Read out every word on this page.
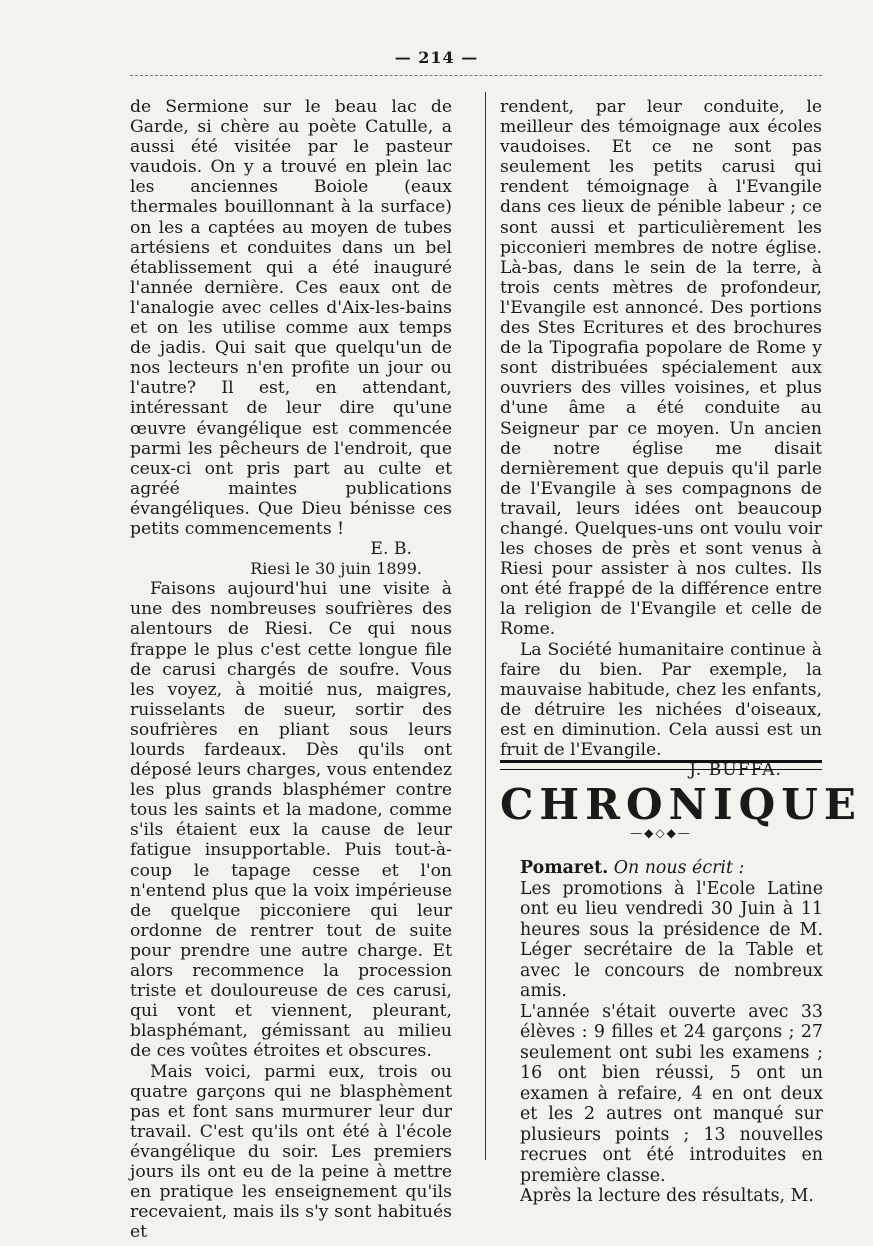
— 214 —

de Sermione sur le beau lac de Garde, si chère au poète Catulle, a aussi été visitée par le pasteur vaudois. On y a trouvé en plein lac les anciennes Boiole (eaux thermales bouillonnant à la surface) on les a captées au moyen de tubes artésiens et conduites dans un bel établissement qui a été inauguré l'année dernière. Ces eaux ont de l'analogie avec celles d'Aix-les-bains et on les utilise comme aux temps de jadis. Qui sait que quelqu'un de nos lecteurs n'en profite un jour ou l'autre? Il est, en attendant, intéressant de leur dire qu'une œuvre évangélique est commencée parmi les pêcheurs de l'endroit, que ceux-ci ont pris part au culte et agréé maintes publications évangéliques. Que Dieu bénisse ces petits commencements !

E. B.

Riesi le 30 juin 1899.

Faisons aujourd'hui une visite à une des nombreuses soufrières des alentours de Riesi. Ce qui nous frappe le plus c'est cette longue file de carusi chargés de soufre. Vous les voyez, à moitié nus, maigres, ruisselants de sueur, sortir des soufrières en pliant sous leurs lourds fardeaux. Dès qu'ils ont déposé leurs charges, vous entendez les plus grands blasphémer contre tous les saints et la madone, comme s'ils étaient eux la cause de leur fatigue insupportable. Puis tout-à-coup le tapage cesse et l'on n'entend plus que la voix impérieuse de quelque picconiere qui leur ordonne de rentrer tout de suite pour prendre une autre charge. Et alors recommence la procession triste et douloureuse de ces carusi, qui vont et viennent, pleurant, blasphémant, gémissant au milieu de ces voûtes étroites et obscures.

Mais voici, parmi eux, trois ou quatre garçons qui ne blasphèment pas et font sans murmurer leur dur travail. C'est qu'ils ont été à l'école évangélique du soir. Les premiers jours ils ont eu de la peine à mettre en pratique les enseignement qu'ils recevaient, mais ils s'y sont habitués et

rendent, par leur conduite, le meilleur des témoignage aux écoles vaudoises. Et ce ne sont pas seulement les petits carusi qui rendent témoignage à l'Evangile dans ces lieux de pénible labeur ; ce sont aussi et particulièrement les picconieri membres de notre église. Là-bas, dans le sein de la terre, à trois cents mètres de profondeur, l'Evangile est annoncé. Des portions des Stes Ecritures et des brochures de la Tipografia popolare de Rome y sont distribuées spécialement aux ouvriers des villes voisines, et plus d'une âme a été conduite au Seigneur par ce moyen. Un ancien de notre église me disait dernièrement que depuis qu'il parle de l'Evangile à ses compagnons de travail, leurs idées ont beaucoup changé. Quelques-uns ont voulu voir les choses de près et sont venus à Riesi pour assister à nos cultes. Ils ont été frappé de la différence entre la religion de l'Evangile et celle de Rome.

La Société humanitaire continue à faire du bien. Par exemple, la mauvaise habitude, chez les enfants, de détruire les nichées d'oiseaux, est en diminution. Cela aussi est un fruit de l'Evangile.

J. BUFFA.

CHRONIQUE
—◆◇◆—

Pomaret. On nous écrit :

Les promotions à l'Ecole Latine ont eu lieu vendredi 30 Juin à 11 heures sous la présidence de M. Léger secrétaire de la Table et avec le concours de nombreux amis.

L'année s'était ouverte avec 33 élèves : 9 filles et 24 garçons ; 27 seulement ont subi les examens ; 16 ont bien réussi, 5 ont un examen à refaire, 4 en ont deux et les 2 autres ont manqué sur plusieurs points ; 13 nouvelles recrues ont été introduites en première classe.

Après la lecture des résultats, M.
